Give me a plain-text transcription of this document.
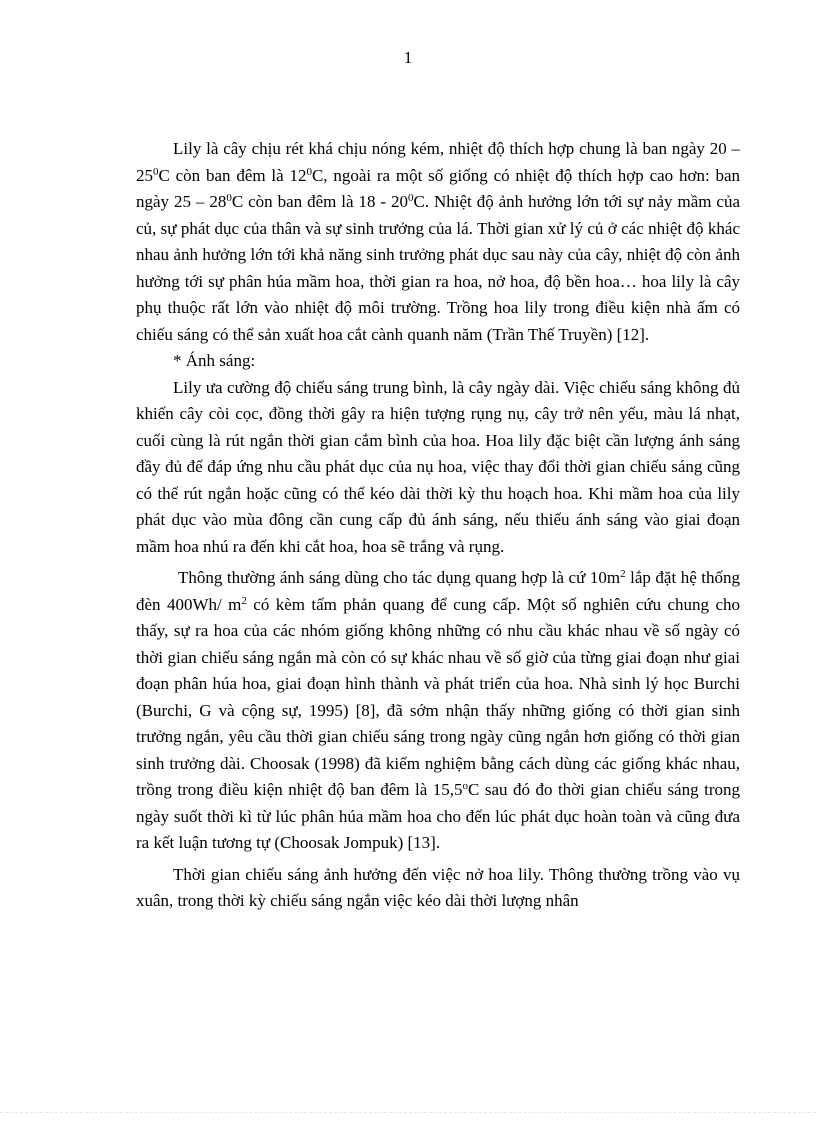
1

Lily là cây chịu rét khá chịu nóng kém, nhiệt độ thích hợp chung là ban ngày $20 - 25^0C$ còn ban đêm là $12^0C$, ngoài ra một số giống có nhiệt độ thích hợp cao hơn: ban ngày $25 - 28^0C$ còn ban đêm là $18 - 20^0C$. Nhiệt độ ảnh hưởng lớn tới sự nảy mầm của củ, sự phát dục của thân và sự sinh trưởng của lá. Thời gian xử lý củ ở các nhiệt độ khác nhau ảnh hưởng lớn tới khả năng sinh trưởng phát dục sau này của cây, nhiệt độ còn ảnh hưởng tới sự phân húa mầm hoa, thời gian ra hoa, nở hoa, độ bền hoa… hoa lily là cây phụ thuộc rất lớn vào nhiệt độ môi trường. Trồng hoa lily trong điều kiện nhà ấm có chiếu sáng có thể sản xuất hoa cắt cành quanh năm (Trần Thế Truyền) [12].

* Ánh sáng:

Lily ưa cường độ chiếu sáng trung bình, là cây ngày dài. Việc chiếu sáng không đủ khiến cây còi cọc, đồng thời gây ra hiện tượng rụng nụ, cây trở nên yếu, màu lá nhạt, cuối cùng là rút ngắn thời gian cắm bình của hoa. Hoa lily đặc biệt cần lượng ánh sáng đầy đủ để đáp ứng nhu cầu phát dục của nụ hoa, việc thay đổi thời gian chiếu sáng cũng có thể rút ngắn hoặc cũng có thể kéo dài thời kỳ thu hoạch hoa. Khi mầm hoa của lily phát dục vào mùa đông cần cung cấp đủ ánh sáng, nếu thiếu ánh sáng vào giai đoạn mầm hoa nhú ra đến khi cắt hoa, hoa sẽ trắng và rụng.

Thông thường ánh sáng dùng cho tác dụng quang hợp là cứ $10m^2$ lắp đặt hệ thống đèn 400Wh/ $m^2$ có kèm tấm phản quang để cung cấp. Một số nghiên cứu chung cho thấy, sự ra hoa của các nhóm giống không những có nhu cầu khác nhau về số ngày có thời gian chiếu sáng ngắn mà còn có sự khác nhau về số giờ của từng giai đoạn như giai đoạn phân húa hoa, giai đoạn hình thành và phát triển của hoa. Nhà sinh lý học Burchi (Burchi, G và cộng sự, 1995) [8], đã sớm nhận thấy những giống có thời gian sinh trưởng ngắn, yêu cầu thời gian chiếu sáng trong ngày cũng ngắn hơn giống có thời gian sinh trưởng dài. Choosak (1998) đã kiểm nghiệm bằng cách dùng các giống khác nhau, trồng trong điều kiện nhiệt độ ban đêm là 15,5$^o$C sau đó đo thời gian chiếu sáng trong ngày suốt thời kì từ lúc phân húa mầm hoa cho đến lúc phát dục hoàn toàn và cũng đưa ra kết luận tương tự (Choosak Jompuk) [13].

Thời gian chiếu sáng ảnh hưởng đến việc nở hoa lily. Thông thường trồng vào vụ xuân, trong thời kỳ chiếu sáng ngắn việc kéo dài thời lượng nhân
